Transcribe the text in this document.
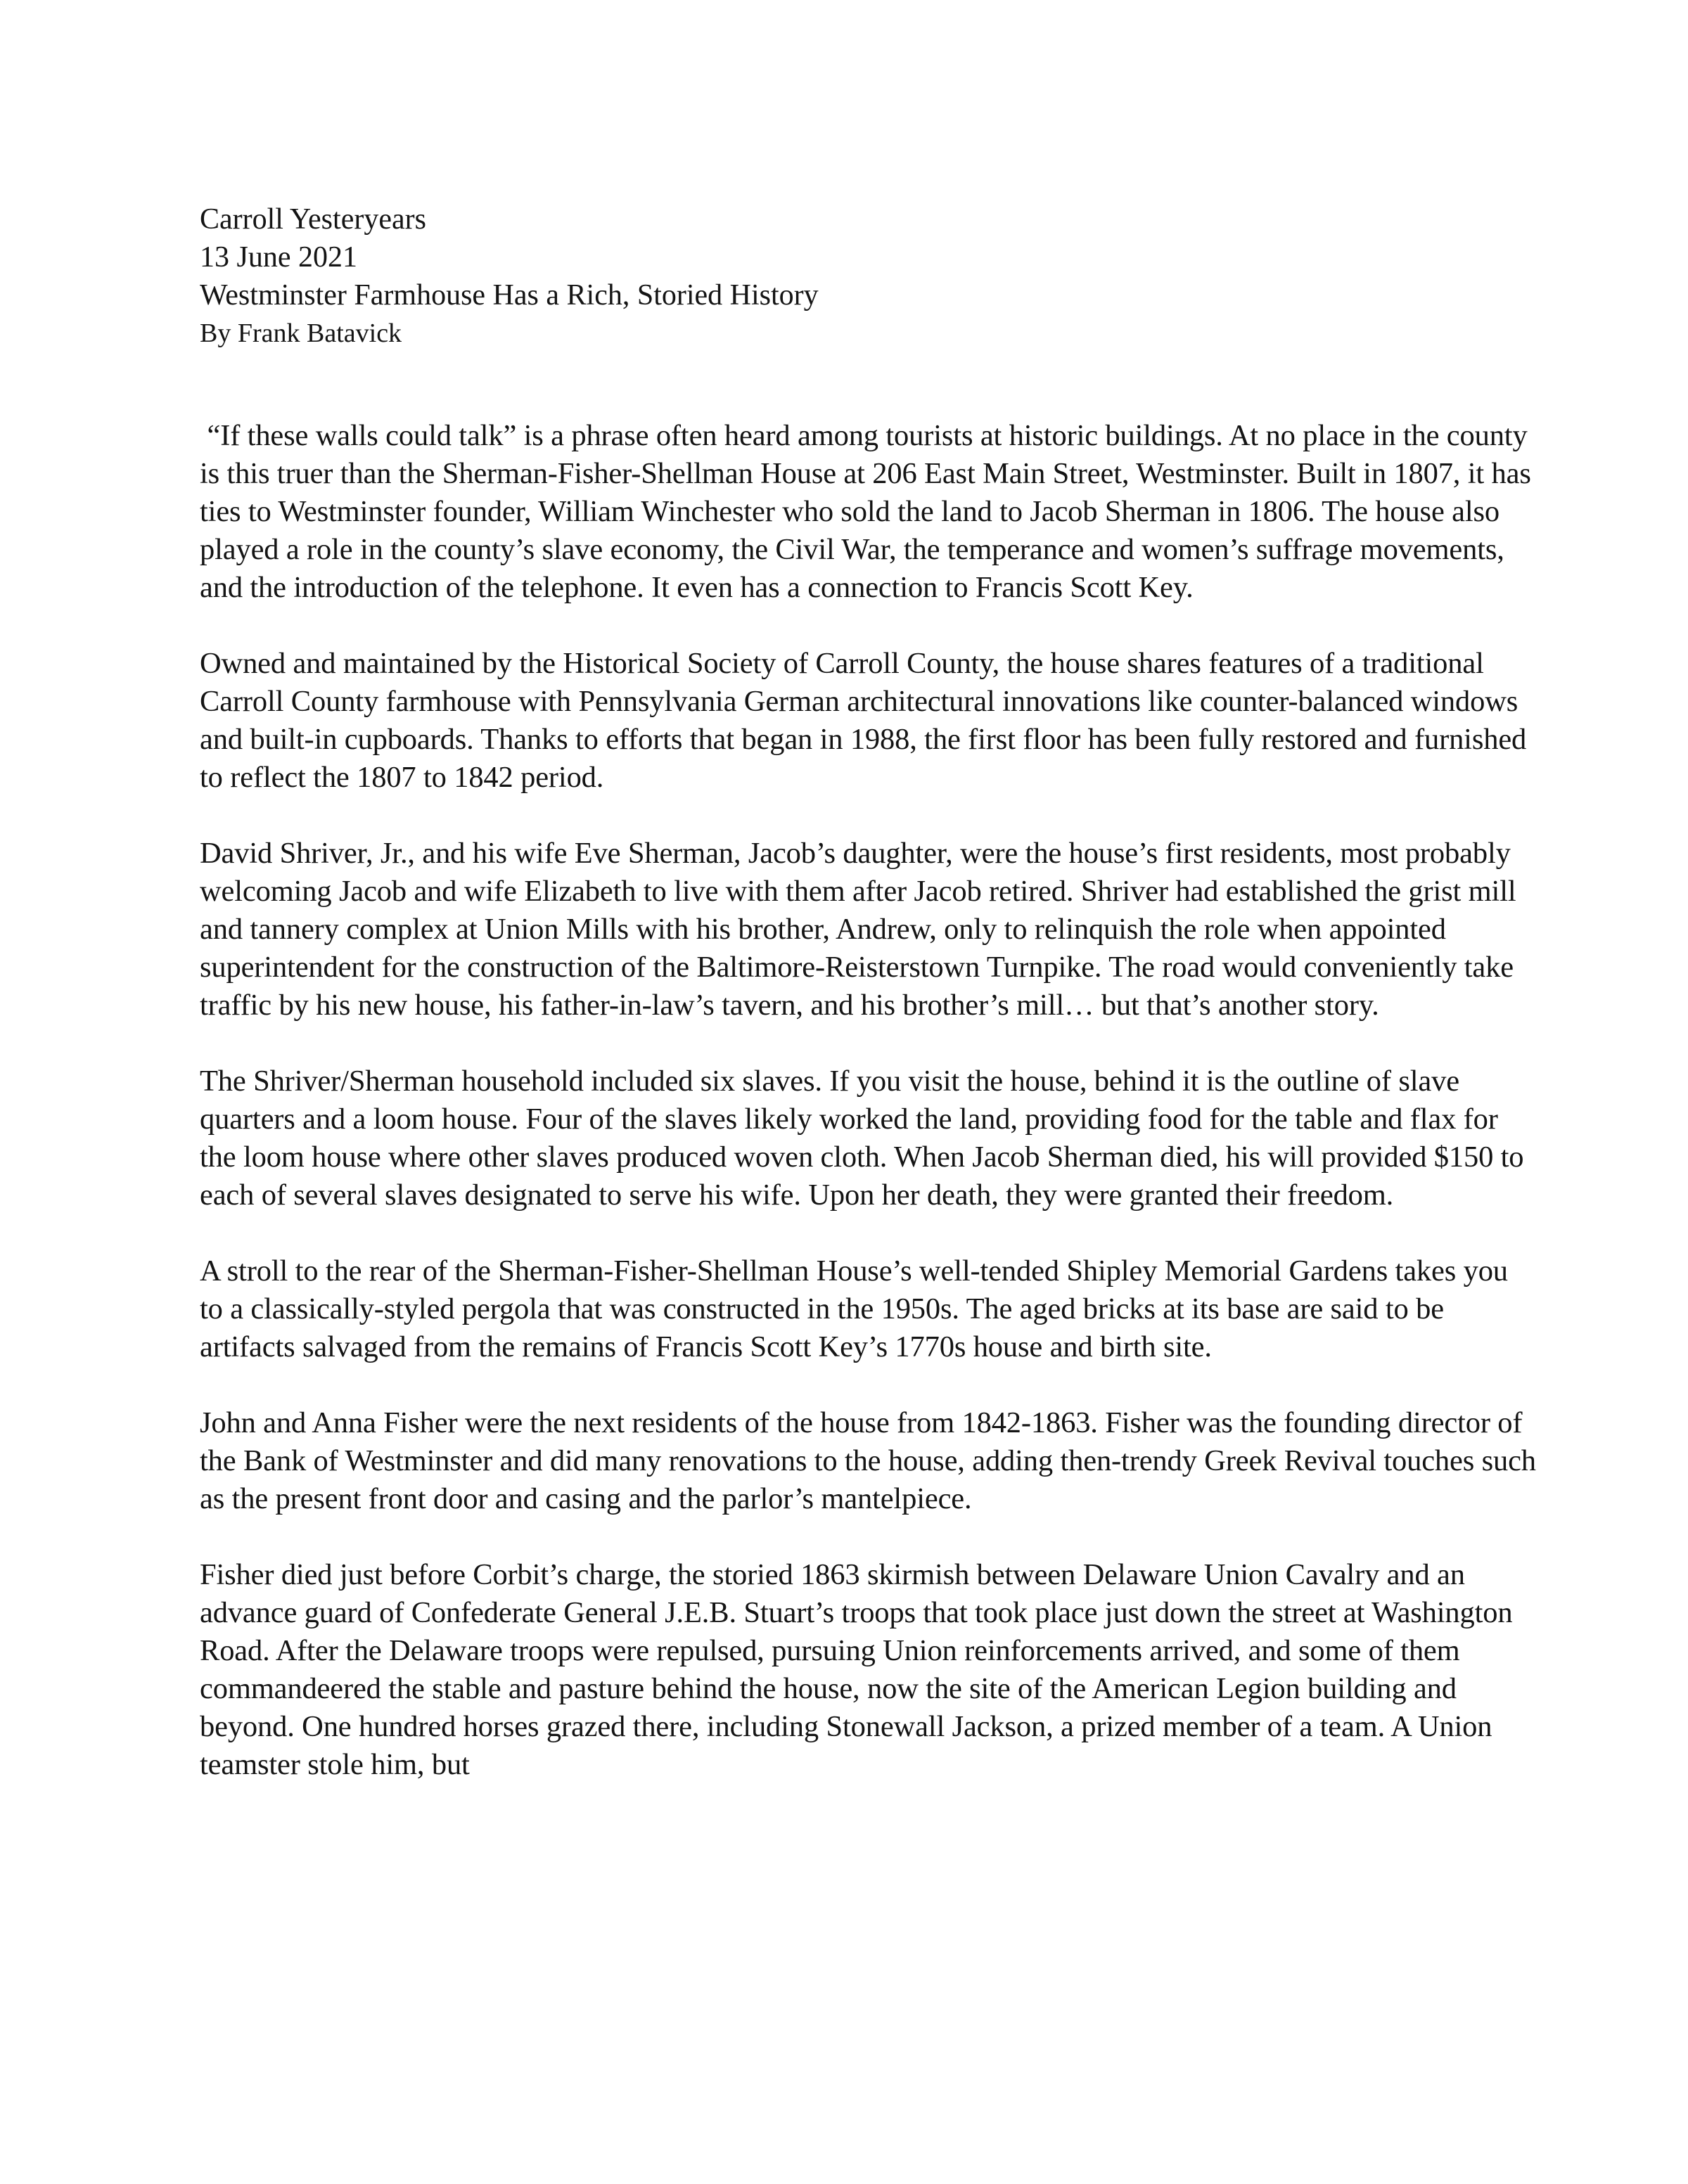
Carroll Yesteryears

13 June 2021

Westminster Farmhouse Has a Rich, Storied History

By Frank Batavick

“If these walls could talk” is a phrase often heard among tourists at historic buildings. At no place in the county is this truer than the Sherman-Fisher-Shellman House at 206 East Main Street, Westminster. Built in 1807, it has ties to Westminster founder, William Winchester who sold the land to Jacob Sherman in 1806. The house also played a role in the county’s slave economy, the Civil War, the temperance and women’s suffrage movements, and the introduction of the telephone. It even has a connection to Francis Scott Key.

Owned and maintained by the Historical Society of Carroll County, the house shares features of a traditional Carroll County farmhouse with Pennsylvania German architectural innovations like counter-balanced windows and built-in cupboards. Thanks to efforts that began in 1988, the first floor has been fully restored and furnished to reflect the 1807 to 1842 period.

David Shriver, Jr., and his wife Eve Sherman, Jacob’s daughter, were the house’s first residents, most probably welcoming Jacob and wife Elizabeth to live with them after Jacob retired. Shriver had established the grist mill and tannery complex at Union Mills with his brother, Andrew, only to relinquish the role when appointed superintendent for the construction of the Baltimore-Reisterstown Turnpike. The road would conveniently take traffic by his new house, his father-in-law’s tavern, and his brother’s mill… but that’s another story.

The Shriver/Sherman household included six slaves. If you visit the house, behind it is the outline of slave quarters and a loom house. Four of the slaves likely worked the land, providing food for the table and flax for the loom house where other slaves produced woven cloth. When Jacob Sherman died, his will provided $150 to each of several slaves designated to serve his wife. Upon her death, they were granted their freedom.

A stroll to the rear of the Sherman-Fisher-Shellman House’s well-tended Shipley Memorial Gardens takes you to a classically-styled pergola that was constructed in the 1950s. The aged bricks at its base are said to be artifacts salvaged from the remains of Francis Scott Key’s 1770s house and birth site.

John and Anna Fisher were the next residents of the house from 1842-1863. Fisher was the founding director of the Bank of Westminster and did many renovations to the house, adding then-trendy Greek Revival touches such as the present front door and casing and the parlor’s mantelpiece.

Fisher died just before Corbit’s charge, the storied 1863 skirmish between Delaware Union Cavalry and an advance guard of Confederate General J.E.B. Stuart’s troops that took place just down the street at Washington Road. After the Delaware troops were repulsed, pursuing Union reinforcements arrived, and some of them commandeered the stable and pasture behind the house, now the site of the American Legion building and beyond. One hundred horses grazed there, including Stonewall Jackson, a prized member of a team. A Union teamster stole him, but
